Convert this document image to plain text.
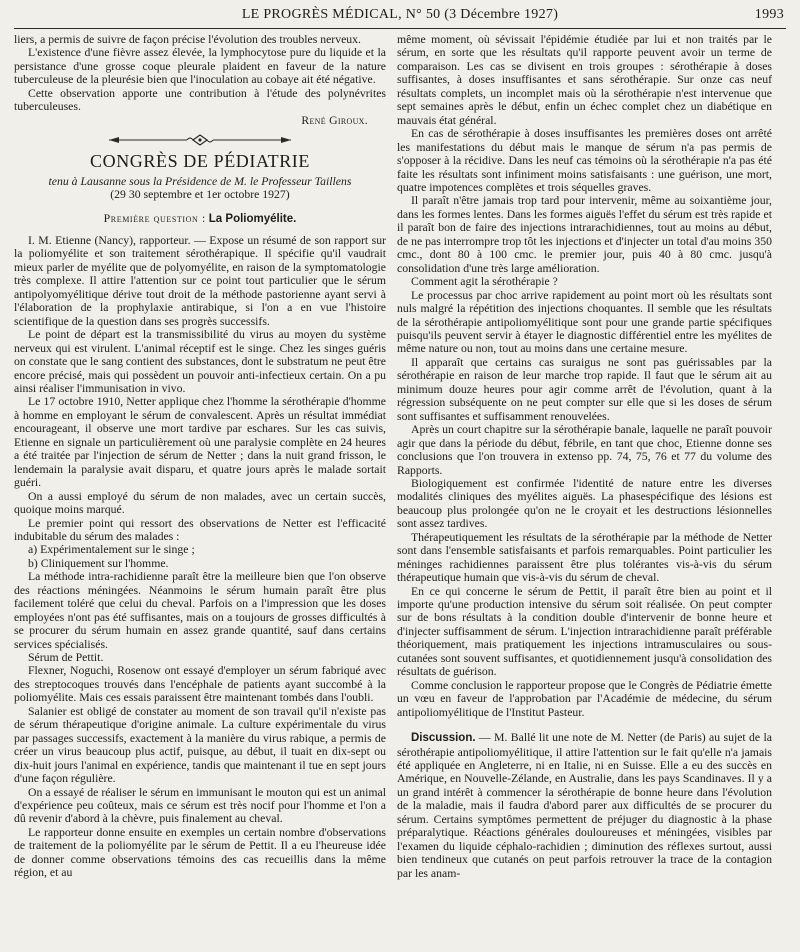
LE PROGRÈS MÉDICAL, N° 50 (3 Décembre 1927)	1993

liers, a permis de suivre de façon précise l'évolution des troubles nerveux.

L'existence d'une fièvre assez élevée, la lymphocytose pure du liquide et la persistance d'une grosse coque pleurale plaident en faveur de la nature tuberculeuse de la pleurésie bien que l'inoculation au cobaye ait été négative.

Cette observation apporte une contribution à l'étude des polynévrites tuberculeuses.

René Giroux.
CONGRÈS DE PÉDIATRIE
tenu à Lausanne sous la Présidence de M. le Professeur Taillens
(29 30 septembre et 1er octobre 1927)
Première question : La Poliomyélite.

I. M. Etienne (Nancy), rapporteur. — Expose un résumé de son rapport sur la poliomyélite et son traitement sérothérapique. Il spécifie qu'il vaudrait mieux parler de myélite que de polyomyélite, en raison de la symptomatologie très complexe. Il attire l'attention sur ce point tout particulier que le sérum antipolyomyélitique dérive tout droit de la méthode pastorienne ayant servi à l'élaboration de la prophylaxie antirabique, si l'on a en vue l'histoire scientifique de la question dans ses progrès successifs.

Le point de départ est la transmissibilité du virus au moyen du système nerveux qui est virulent. L'animal réceptif est le singe. Chez les singes guéris on constate que le sang contient des substances, dont le substratum ne peut être encore précisé, mais qui possèdent un pouvoir anti-infectieux certain. On a pu ainsi réaliser l'immunisation in vivo.

Le 17 octobre 1910, Netter applique chez l'homme la sérothérapie d'homme à homme en employant le sérum de convalescent. Après un résultat immédiat encourageant, il observe une mort tardive par eschares. Sur les cas suivis, Etienne en signale un particulièrement où une paralysie complète en 24 heures a été traitée par l'injection de sérum de Netter ; dans la nuit grand frisson, le lendemain la paralysie avait disparu, et quatre jours après le malade sortait guéri.

On a aussi employé du sérum de non malades, avec un certain succès, quoique moins marqué.

Le premier point qui ressort des observations de Netter est l'efficacité indubitable du sérum des malades :

a) Expérimentalement sur le singe ;

b) Cliniquement sur l'homme.

La méthode intra-rachidienne paraît être la meilleure bien que l'on observe des réactions méningées. Néanmoins le sérum humain paraît être plus facilement toléré que celui du cheval. Parfois on a l'impression que les doses employées n'ont pas été suffisantes, mais on a toujours de grosses difficultés à se procurer du sérum humain en assez grande quantité, sauf dans certains services spécialisés.

Sérum de Pettit.

Flexner, Noguchi, Rosenow ont essayé d'employer un sérum fabriqué avec des streptocoques trouvés dans l'encéphale de patients ayant succombé à la poliomyélite. Mais ces essais paraissent être maintenant tombés dans l'oubli.

Salanier est obligé de constater au moment de son travail qu'il n'existe pas de sérum thérapeutique d'origine animale. La culture expérimentale du virus par passages successifs, exactement à la manière du virus rabique, a permis de créer un virus beaucoup plus actif, puisque, au début, il tuait en dix-sept ou dix-huit jours l'animal en expérience, tandis que maintenant il tue en sept jours d'une façon régulière.

On a essayé de réaliser le sérum en immunisant le mouton qui est un animal d'expérience peu coûteux, mais ce sérum est très nocif pour l'homme et l'on a dû revenir d'abord à la chèvre, puis finalement au cheval.

Le rapporteur donne ensuite en exemples un certain nombre d'observations de traitement de la poliomyélite par le sérum de Pettit. Il a eu l'heureuse idée de donner comme observations témoins des cas recueillis dans la même région, et au

même moment, où sévissait l'épidémie étudiée par lui et non traités par le sérum, en sorte que les résultats qu'il rapporte peuvent avoir un terme de comparaison. Les cas se divisent en trois groupes : sérothérapie à doses suffisantes, à doses insuffisantes et sans sérothérapie. Sur onze cas neuf résultats complets, un incomplet mais où la sérothérapie n'est intervenue que sept semaines après le début, enfin un échec complet chez un diabétique en mauvais état général.

En cas de sérothérapie à doses insuffisantes les premières doses ont arrêté les manifestations du début mais le manque de sérum n'a pas permis de s'opposer à la récidive. Dans les neuf cas témoins où la sérothérapie n'a pas été faite les résultats sont infiniment moins satisfaisants : une guérison, une mort, quatre impotences complètes et trois séquelles graves.

Il paraît n'être jamais trop tard pour intervenir, même au soixantième jour, dans les formes lentes. Dans les formes aiguës l'effet du sérum est très rapide et il paraît bon de faire des injections intrarachidiennes, tout au moins au début, de ne pas interrompre trop tôt les injections et d'injecter un total d'au moins 350 cmc., dont 80 à 100 cmc. le premier jour, puis 40 à 80 cmc. jusqu'à consolidation d'une très large amélioration.

Comment agit la sérothérapie ?

Le processus par choc arrive rapidement au point mort où les résultats sont nuls malgré la répétition des injections choquantes. Il semble que les résultats de la sérothérapie antipoliomyélitique sont pour une grande partie spécifiques puisqu'ils peuvent servir à étayer le diagnostic différentiel entre les myélites de même nature ou non, tout au moins dans une certaine mesure.

Il apparaît que certains cas suraigus ne sont pas guérissables par la sérothérapie en raison de leur marche trop rapide. Il faut que le sérum ait au minimum douze heures pour agir comme arrêt de l'évolution, quant à la régression subséquente on ne peut compter sur elle que si les doses de sérum sont suffisantes et suffisamment renouvelées.

Après un court chapitre sur la sérothérapie banale, laquelle ne paraît pouvoir agir que dans la période du début, fébrile, en tant que choc, Etienne donne ses conclusions que l'on trouvera in extenso pp. 74, 75, 76 et 77 du volume des Rapports.

Biologiquement est confirmée l'identité de nature entre les diverses modalités cliniques des myélites aiguës. La phasespécifique des lésions est beaucoup plus prolongée qu'on ne le croyait et les destructions lésionnelles sont assez tardives.

Thérapeutiquement les résultats de la sérothérapie par la méthode de Netter sont dans l'ensemble satisfaisants et parfois remarquables. Point particulier les méninges rachidiennes paraissent être plus tolérantes vis-à-vis du sérum thérapeutique humain que vis-à-vis du sérum de cheval.

En ce qui concerne le sérum de Pettit, il paraît être bien au point et il importe qu'une production intensive du sérum soit réalisée. On peut compter sur de bons résultats à la condition double d'intervenir de bonne heure et d'injecter suffisamment de sérum. L'injection intrarachidienne paraît préférable théoriquement, mais pratiquement les injections intramusculaires ou sous-cutanées sont souvent suffisantes, et quotidiennement jusqu'à consolidation des résultats de guérison.

Comme conclusion le rapporteur propose que le Congrès de Pédiatrie émette un vœu en faveur de l'approbation par l'Académie de médecine, du sérum antipoliomyélitique de l'Institut Pasteur.

Discussion. — M. Ballé lit une note de M. Netter (de Paris) au sujet de la sérothérapie antipoliomyélitique, il attire l'attention sur le fait qu'elle n'a jamais été appliquée en Angleterre, ni en Italie, ni en Suisse. Elle a eu des succès en Amérique, en Nouvelle-Zélande, en Australie, dans les pays Scandinaves. Il y a un grand intérêt à commencer la sérothérapie de bonne heure dans l'évolution de la maladie, mais il faudra d'abord parer aux difficultés de se procurer du sérum. Certains symptômes permettent de préjuger du diagnostic à la phase préparalytique. Réactions générales douloureuses et méningées, visibles par l'examen du liquide céphalo-rachidien ; diminution des réflexes surtout, aussi bien tendineux que cutanés on peut parfois retrouver la trace de la contagion par les anam-
